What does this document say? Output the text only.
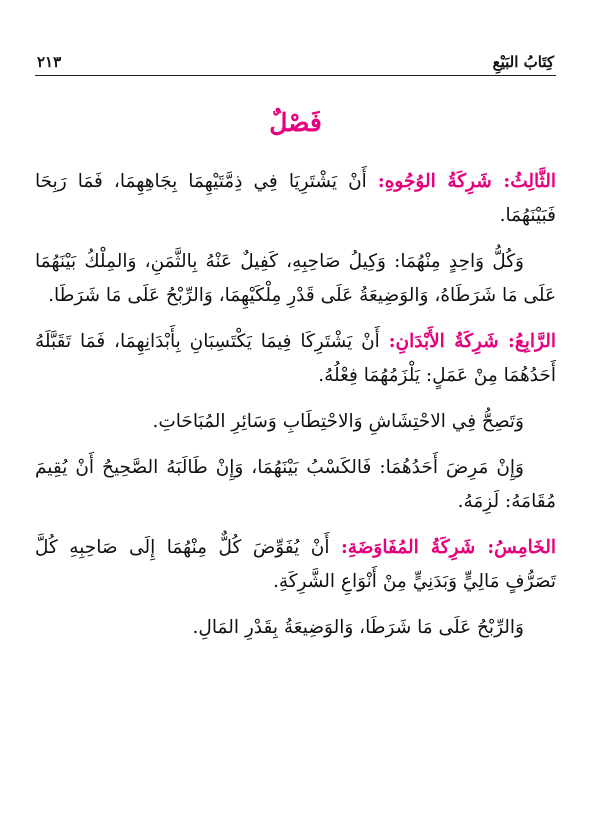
كِتَابُ البَيْعِ
٢١٣
فَصْلٌ

الثَّالِثُ: شَرِكَةُ الوُجُوهِ: أَنْ يَشْتَرِيَا فِي ذِمَّتَيْهِمَا بِجَاهِهِمَا، فَمَا رَبِحَا فَبَيْنَهُمَا.

وَكُلُّ وَاحِدٍ مِنْهُمَا: وَكِيلُ صَاحِبِهِ، كَفِيلٌ عَنْهُ بِالثَّمَنِ، وَالمِلْكُ بَيْنَهُمَا عَلَى مَا شَرَطَاهُ، وَالوَضِيعَةُ عَلَى قَدْرِ مِلْكَيْهِمَا، وَالرِّبْحُ عَلَى مَا شَرَطَا.

الرَّابِعُ: شَرِكَةُ الأَبْدَانِ: أَنْ يَشْتَرِكَا فِيمَا يَكْتَسِبَانِ بِأَبْدَانِهِمَا، فَمَا تَقَبَّلَهُ أَحَدُهُمَا مِنْ عَمَلٍ: يَلْزَمُهُمَا فِعْلُهُ.

وَتَصِحُّ فِي الاحْتِشَاشِ وَالاحْتِطَابِ وَسَائِرِ المُبَاحَاتِ.

وَإِنْ مَرِضَ أَحَدُهُمَا: فَالكَسْبُ بَيْنَهُمَا، وَإِنْ طَالَبَهُ الصَّحِيحُ أَنْ يُقِيمَ مُقَامَهُ: لَزِمَهُ.

الخَامِسُ: شَرِكَةُ المُفَاوَضَةِ: أَنْ يُفَوِّضَ كُلٌّ مِنْهُمَا إِلَى صَاحِبِهِ كُلَّ تَصَرُّفٍ مَالِيٍّ وَبَدَنِيٍّ مِنْ أَنْوَاعِ الشَّرِكَةِ.

وَالرِّبْحُ عَلَى مَا شَرَطَا، وَالوَضِيعَةُ بِقَدْرِ المَالِ.
